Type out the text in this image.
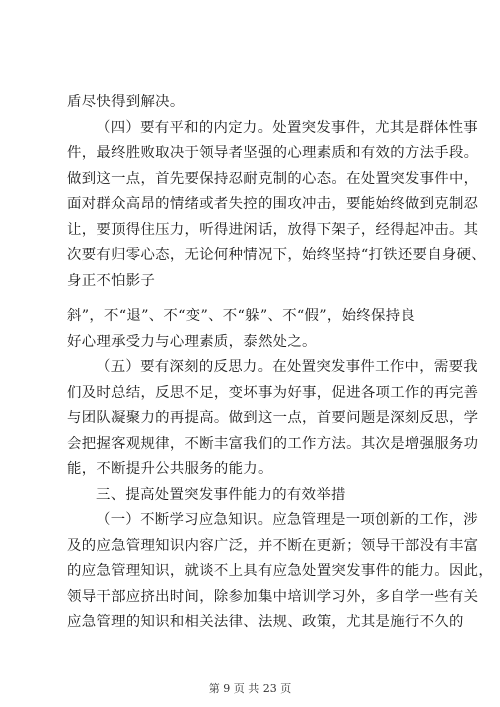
盾尽快得到解决。
（四）要有平和的内定力。处置突发事件，尤其是群体性事
件，最终胜败取决于领导者坚强的心理素质和有效的方法手段。
做到这一点，首先要保持忍耐克制的心态。在处置突发事件中，
面对群众高昂的情绪或者失控的围攻冲击，要能始终做到克制忍
让，要顶得住压力，听得进闲话，放得下架子，经得起冲击。其
次要有归零心态，无论何种情况下，始终坚持“打铁还要自身硬、
身正不怕影子
斜”，不“退”、不“变”、不“躲”、不“假”，始终保持良
好心理承受力与心理素质，泰然处之。
（五）要有深刻的反思力。在处置突发事件工作中，需要我
们及时总结，反思不足，变坏事为好事，促进各项工作的再完善
与团队凝聚力的再提高。做到这一点，首要问题是深刻反思，学
会把握客观规律，不断丰富我们的工作方法。其次是增强服务功
能，不断提升公共服务的能力。
三、提高处置突发事件能力的有效举措
（一）不断学习应急知识。应急管理是一项创新的工作，涉
及的应急管理知识内容广泛，并不断在更新；领导干部没有丰富
的应急管理知识，就谈不上具有应急处置突发事件的能力。因此，
领导干部应挤出时间，除参加集中培训学习外，多自学一些有关
应急管理的知识和相关法律、法规、政策，尤其是施行不久的
第 9 页 共 23 页
